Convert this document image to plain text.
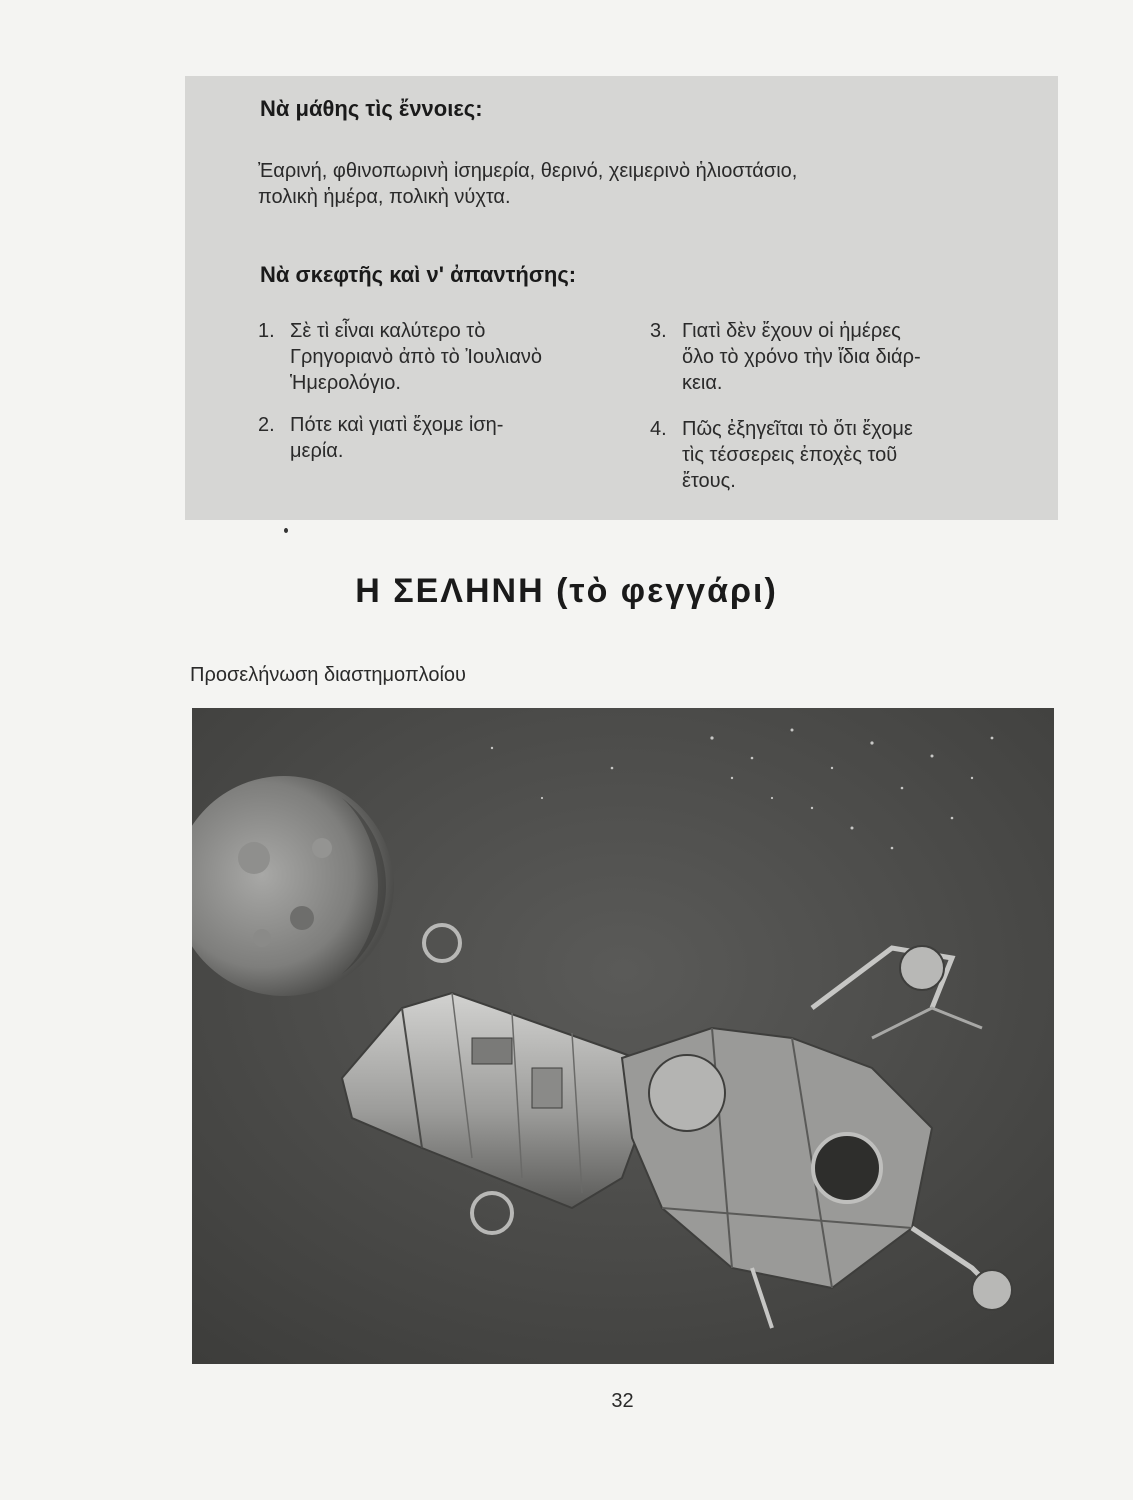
Νὰ μάθης τὶς ἔννοιες:
Ἐαρινή, φθινοπωρινὴ ἰσημερία, θερινό, χειμερινὸ ἡλιοστάσιο,
πολικὴ ἡμέρα, πολικὴ νύχτα.
Νὰ σκεφτῆς καὶ ν' ἀπαντήσης:
1. Σὲ τὶ εἶναι καλύτερο τὸ
Γρηγοριανὸ ἀπὸ τὸ Ἰουλιανὸ
Ἡμερολόγιο.
2. Πότε καὶ γιατὶ ἔχομε ἰση-
μερία.
3. Γιατὶ δὲν ἔχουν οἱ ἡμέρες
ὅλο τὸ χρόνο τὴν ἴδια διάρ-
κεια.
4. Πῶς ἐξηγεῖται τὸ ὅτι ἔχομε
τὶς τέσσερεις ἐποχὲς τοῦ
ἔτους.
Η ΣΕΛΗΝΗ (τὸ φεγγάρι)
Προσελήνωση διαστημοπλοίου
32
